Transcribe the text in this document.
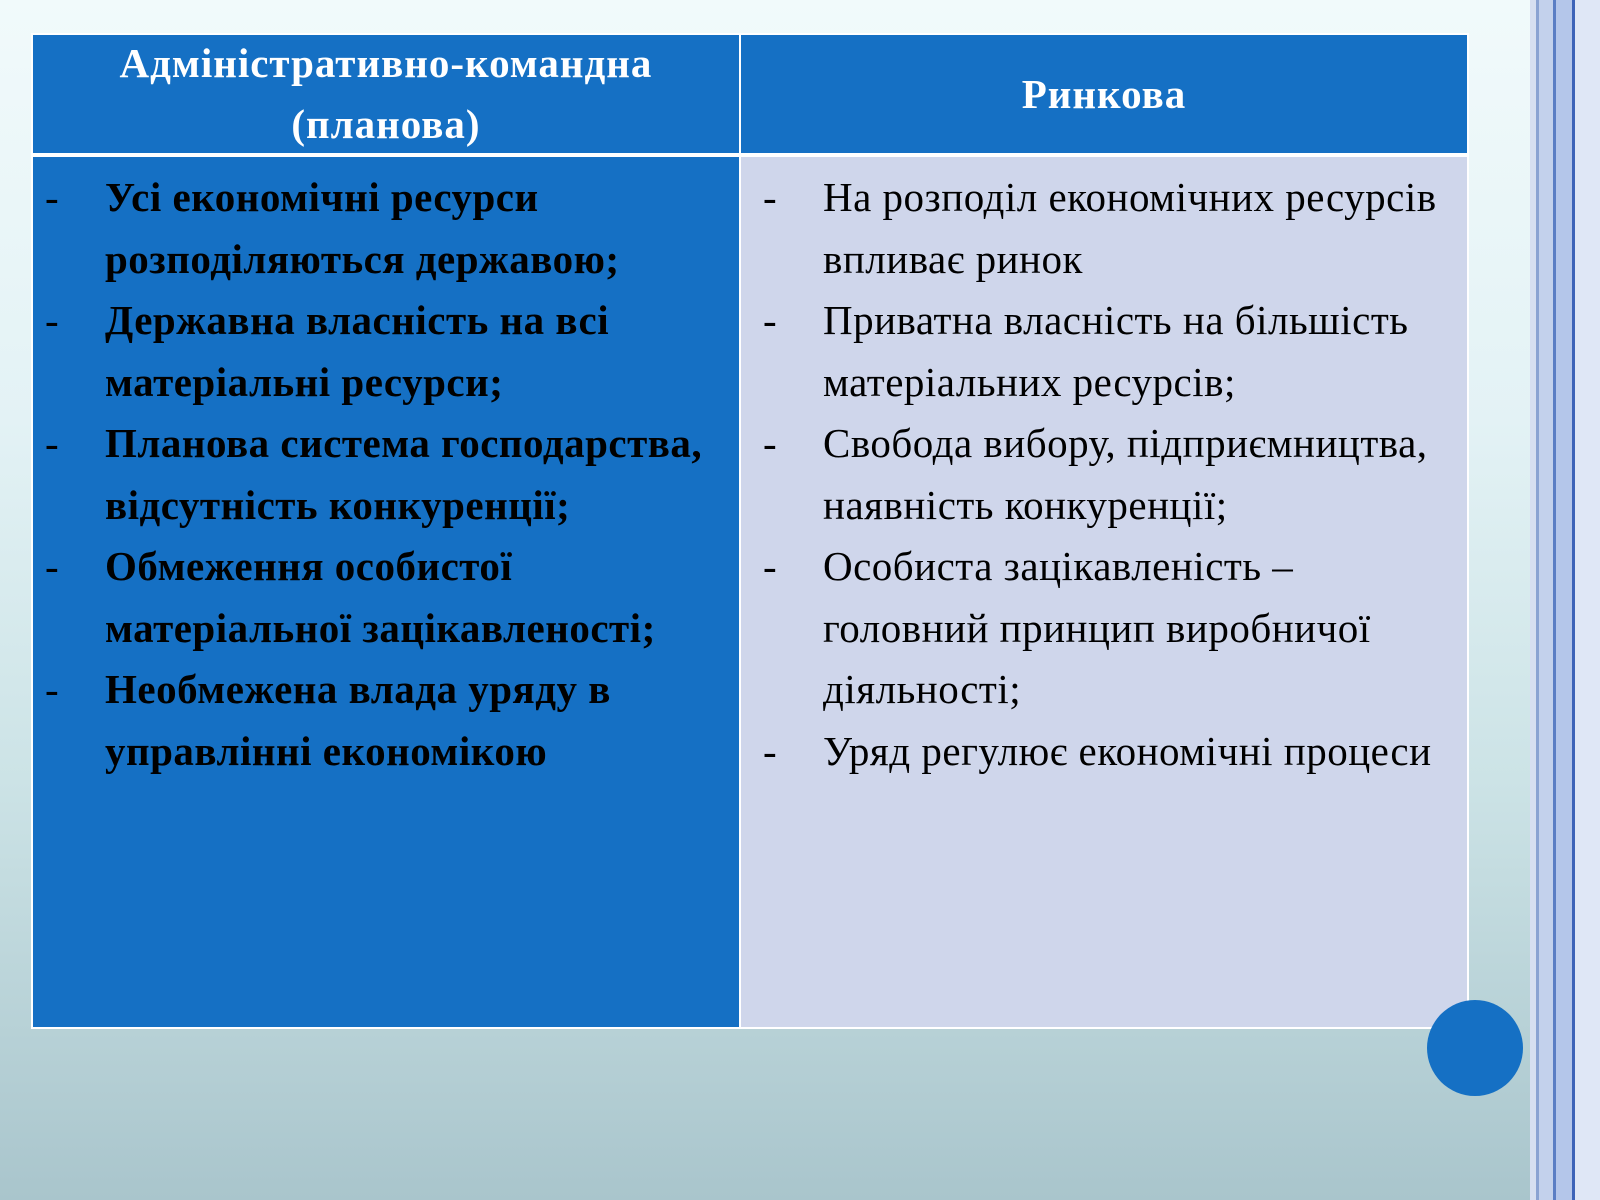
Адміністративно-командна (планова)
Ринкова
- Усі економічні ресурси розподіляються державою;
- Державна власність на всі матеріальні ресурси;
- Планова система господарства, відсутність конкуренції;
- Обмеження особистої матеріальної зацікавленості;
- Необмежена влада уряду в управлінні економікою
- На розподіл економічних ресурсів впливає ринок
- Приватна власність на більшість матеріальних ресурсів;
- Свобода вибору, підприємництва, наявність конкуренції;
- Особиста зацікавленість – головний принцип виробничої діяльності;
- Уряд регулює економічні процеси
